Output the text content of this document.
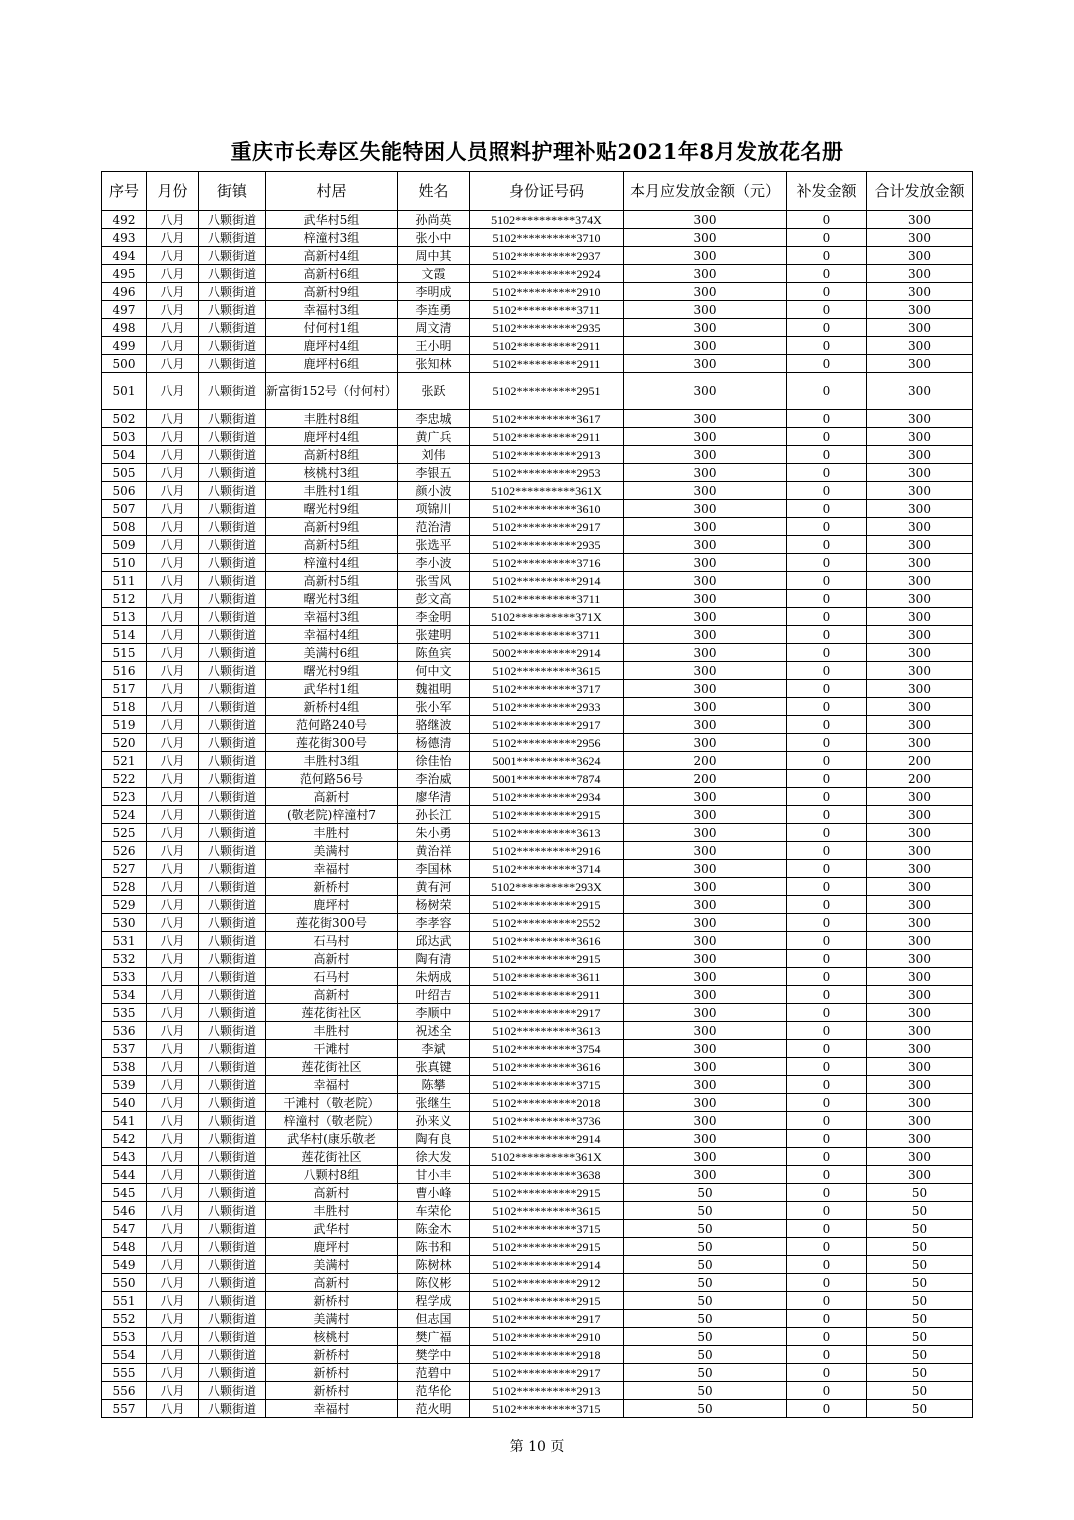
重庆市长寿区失能特困人员照料护理补贴2021年8月发放花名册
序号	月份	街镇	村居	姓名	身份证号码	本月应发放金额（元）	补发金额	合计发放金额
492	八月	八颗街道	武华村5组	孙尚英	5102**********374X	300	0	300
493	八月	八颗街道	梓潼村3组	张小中	5102**********3710	300	0	300
494	八月	八颗街道	高新村4组	周中其	5102**********2937	300	0	300
495	八月	八颗街道	高新村6组	文霞	5102**********2924	300	0	300
496	八月	八颗街道	高新村9组	李明成	5102**********2910	300	0	300
497	八月	八颗街道	幸福村3组	李连勇	5102**********3711	300	0	300
498	八月	八颗街道	付何村1组	周文清	5102**********2935	300	0	300
499	八月	八颗街道	鹿坪村4组	王小明	5102**********2911	300	0	300
500	八月	八颗街道	鹿坪村6组	张知林	5102**********2911	300	0	300
501	八月	八颗街道	新富街152号（付何村）	张跃	5102**********2951	300	0	300
502	八月	八颗街道	丰胜村8组	李忠城	5102**********3617	300	0	300
503	八月	八颗街道	鹿坪村4组	黄广兵	5102**********2911	300	0	300
504	八月	八颗街道	高新村8组	刘伟	5102**********2913	300	0	300
505	八月	八颗街道	核桃村3组	李银五	5102**********2953	300	0	300
506	八月	八颗街道	丰胜村1组	颜小波	5102**********361X	300	0	300
507	八月	八颗街道	曙光村9组	项锦川	5102**********3610	300	0	300
508	八月	八颗街道	高新村9组	范治清	5102**********2917	300	0	300
509	八月	八颗街道	高新村5组	张选平	5102**********2935	300	0	300
510	八月	八颗街道	梓潼村4组	李小波	5102**********3716	300	0	300
511	八月	八颗街道	高新村5组	张雪风	5102**********2914	300	0	300
512	八月	八颗街道	曙光村3组	彭文高	5102**********3711	300	0	300
513	八月	八颗街道	幸福村3组	李金明	5102**********371X	300	0	300
514	八月	八颗街道	幸福村4组	张建明	5102**********3711	300	0	300
515	八月	八颗街道	美满村6组	陈鱼宾	5002**********2914	300	0	300
516	八月	八颗街道	曙光村9组	何中文	5102**********3615	300	0	300
517	八月	八颗街道	武华村1组	魏祖明	5102**********3717	300	0	300
518	八月	八颗街道	新桥村4组	张小军	5102**********2933	300	0	300
519	八月	八颗街道	范何路240号	骆继波	5102**********2917	300	0	300
520	八月	八颗街道	莲花街300号	杨德清	5102**********2956	300	0	300
521	八月	八颗街道	丰胜村3组	徐佳怡	5001**********3624	200	0	200
522	八月	八颗街道	范何路56号	李治威	5001**********7874	200	0	200
523	八月	八颗街道	高新村	廖华清	5102**********2934	300	0	300
524	八月	八颗街道	(敬老院)梓潼村7	孙长江	5102**********2915	300	0	300
525	八月	八颗街道	丰胜村	朱小勇	5102**********3613	300	0	300
526	八月	八颗街道	美满村	黄治祥	5102**********2916	300	0	300
527	八月	八颗街道	幸福村	李国林	5102**********3714	300	0	300
528	八月	八颗街道	新桥村	黄有河	5102**********293X	300	0	300
529	八月	八颗街道	鹿坪村	杨树荣	5102**********2915	300	0	300
530	八月	八颗街道	莲花街300号	李孝容	5102**********2552	300	0	300
531	八月	八颗街道	石马村	邱达武	5102**********3616	300	0	300
532	八月	八颗街道	高新村	陶有清	5102**********2915	300	0	300
533	八月	八颗街道	石马村	朱炳成	5102**********3611	300	0	300
534	八月	八颗街道	高新村	叶绍吉	5102**********2911	300	0	300
535	八月	八颗街道	莲花街社区	李顺中	5102**********2917	300	0	300
536	八月	八颗街道	丰胜村	祝述全	5102**********3613	300	0	300
537	八月	八颗街道	干滩村	李斌	5102**********3754	300	0	300
538	八月	八颗街道	莲花街社区	张真键	5102**********3616	300	0	300
539	八月	八颗街道	幸福村	陈攀	5102**********3715	300	0	300
540	八月	八颗街道	干滩村（敬老院）	张继生	5102**********2018	300	0	300
541	八月	八颗街道	梓潼村（敬老院）	孙来义	5102**********3736	300	0	300
542	八月	八颗街道	武华村(康乐敬老	陶有良	5102**********2914	300	0	300
543	八月	八颗街道	莲花街社区	徐大发	5102**********361X	300	0	300
544	八月	八颗街道	八颗村8组	甘小丰	5102**********3638	300	0	300
545	八月	八颗街道	高新村	曹小峰	5102**********2915	50	0	50
546	八月	八颗街道	丰胜村	车荣伦	5102**********3615	50	0	50
547	八月	八颗街道	武华村	陈金木	5102**********3715	50	0	50
548	八月	八颗街道	鹿坪村	陈书和	5102**********2915	50	0	50
549	八月	八颗街道	美满村	陈树林	5102**********2914	50	0	50
550	八月	八颗街道	高新村	陈仪彬	5102**********2912	50	0	50
551	八月	八颗街道	新桥村	程学成	5102**********2915	50	0	50
552	八月	八颗街道	美满村	但志国	5102**********2917	50	0	50
553	八月	八颗街道	核桃村	樊广福	5102**********2910	50	0	50
554	八月	八颗街道	新桥村	樊学中	5102**********2918	50	0	50
555	八月	八颗街道	新桥村	范碧中	5102**********2917	50	0	50
556	八月	八颗街道	新桥村	范华伦	5102**********2913	50	0	50
557	八月	八颗街道	幸福村	范火明	5102**********3715	50	0	50
第 10 页
